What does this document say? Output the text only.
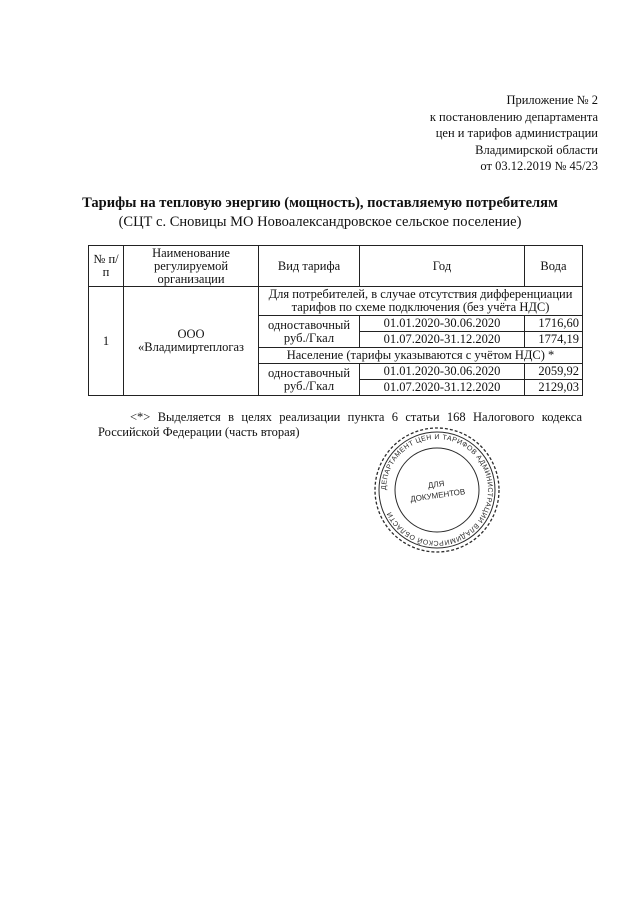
Приложение № 2
к постановлению департамента
цен и тарифов администрации
Владимирской области
от 03.12.2019 № 45/23
Тарифы на тепловую энергию (мощность), поставляемую потребителям
(СЦТ с. Сновицы МО Новоалександровское сельское поселение)
№ п/п	Наименование регулируемой организации	Вид тарифа	Год	Вода
1	ООО «Владимиртеплогаз	Для потребителей, в случае отсутствия дифференциации тарифов по схеме подключения (без учёта НДС)		
		одноставочный руб./Гкал	01.01.2020-30.06.2020	1716,60
			01.07.2020-31.12.2020	1774,19
		Население (тарифы указываются с учётом НДС) *		
		одноставочный руб./Гкал	01.01.2020-30.06.2020	2059,92
			01.07.2020-31.12.2020	2129,03
<*> Выделяется в целях реализации пункта 6 статьи 168 Налогового кодекса Российской Федерации (часть вторая)
ДЕПАРТАМЕНТ ЦЕН И ТАРИФОВ АДМИНИСТРАЦИИ ВЛАДИМИРСКОЙ ОБЛАСТИ
ДЛЯ
ДОКУМЕНТОВ
